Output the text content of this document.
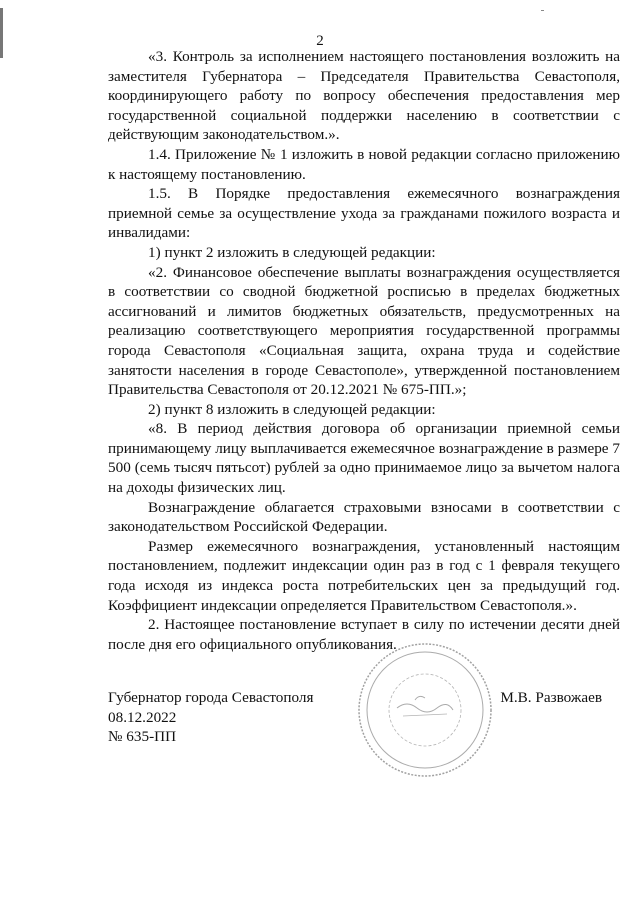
2

«3. Контроль за исполнением настоящего постановления возложить на заместителя Губернатора – Председателя Правительства Севастополя, координирующего работу по вопросу обеспечения предоставления мер государственной социальной поддержки населению в соответствии с действующим законодательством.».

1.4. Приложение № 1 изложить в новой редакции согласно приложению к настоящему постановлению.

1.5. В Порядке предоставления ежемесячного вознаграждения приемной семье за осуществление ухода за гражданами пожилого возраста и инвалидами:

1) пункт 2 изложить в следующей редакции:

«2. Финансовое обеспечение выплаты вознаграждения осуществляется в соответствии со сводной бюджетной росписью в пределах бюджетных ассигнований и лимитов бюджетных обязательств, предусмотренных на реализацию соответствующего мероприятия государственной программы города Севастополя «Социальная защита, охрана труда и содействие занятости населения в городе Севастополе», утвержденной постановлением Правительства Севастополя от 20.12.2021 № 675-ПП.»;

2) пункт 8 изложить в следующей редакции:

«8. В период действия договора об организации приемной семьи принимающему лицу выплачивается ежемесячное вознаграждение в размере 7 500 (семь тысяч пятьсот) рублей за одно принимаемое лицо за вычетом налога на доходы физических лиц.

Вознаграждение облагается страховыми взносами в соответствии с законодательством Российской Федерации.

Размер ежемесячного вознаграждения, установленный настоящим постановлением, подлежит индексации один раз в год с 1 февраля текущего года исходя из индекса роста потребительских цен за предыдущий год. Коэффициент индексации определяется Правительством Севастополя.».

2. Настоящее постановление вступает в силу по истечении десяти дней после дня его официального опубликования.

Губернатор города Севастополя
08.12.2022
№ 635-ПП
М.В. Развожаев
